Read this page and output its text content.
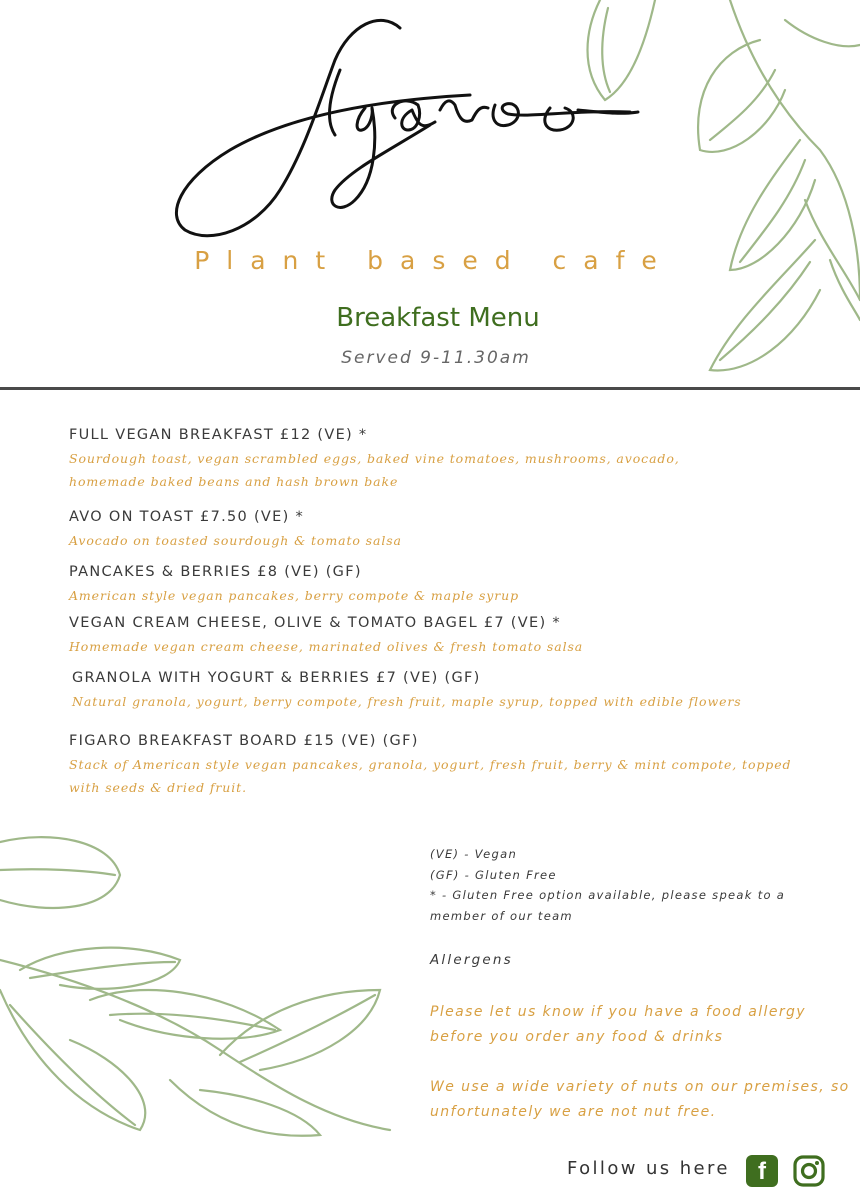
Plant based cafe
Breakfast Menu
Served 9-11.30am
FULL VEGAN BREAKFAST £12 (VE) *
Sourdough toast, vegan scrambled eggs, baked vine tomatoes, mushrooms, avocado, homemade baked beans and hash brown bake
AVO ON TOAST £7.50 (VE) *
Avocado on toasted sourdough & tomato salsa
PANCAKES & BERRIES £8 (VE) (GF)
American style vegan pancakes, berry compote & maple syrup
VEGAN CREAM CHEESE, OLIVE & TOMATO BAGEL £7 (VE) *
Homemade vegan cream cheese, marinated olives & fresh tomato salsa
GRANOLA WITH YOGURT & BERRIES £7 (VE) (GF)
Natural granola, yogurt, berry compote, fresh fruit, maple syrup, topped with edible flowers
FIGARO BREAKFAST BOARD £15 (VE) (GF)
Stack of American style vegan pancakes, granola, yogurt, fresh fruit, berry & mint compote, topped with seeds & dried fruit.
(VE) - Vegan
(GF) - Gluten Free
* - Gluten Free option available, please speak to a member of our team
Allergens
Please let us know if you have a food allergy before you order any food & drinks
We use a wide variety of nuts on our premises, so unfortunately we are not nut free.
Follow us here	f
